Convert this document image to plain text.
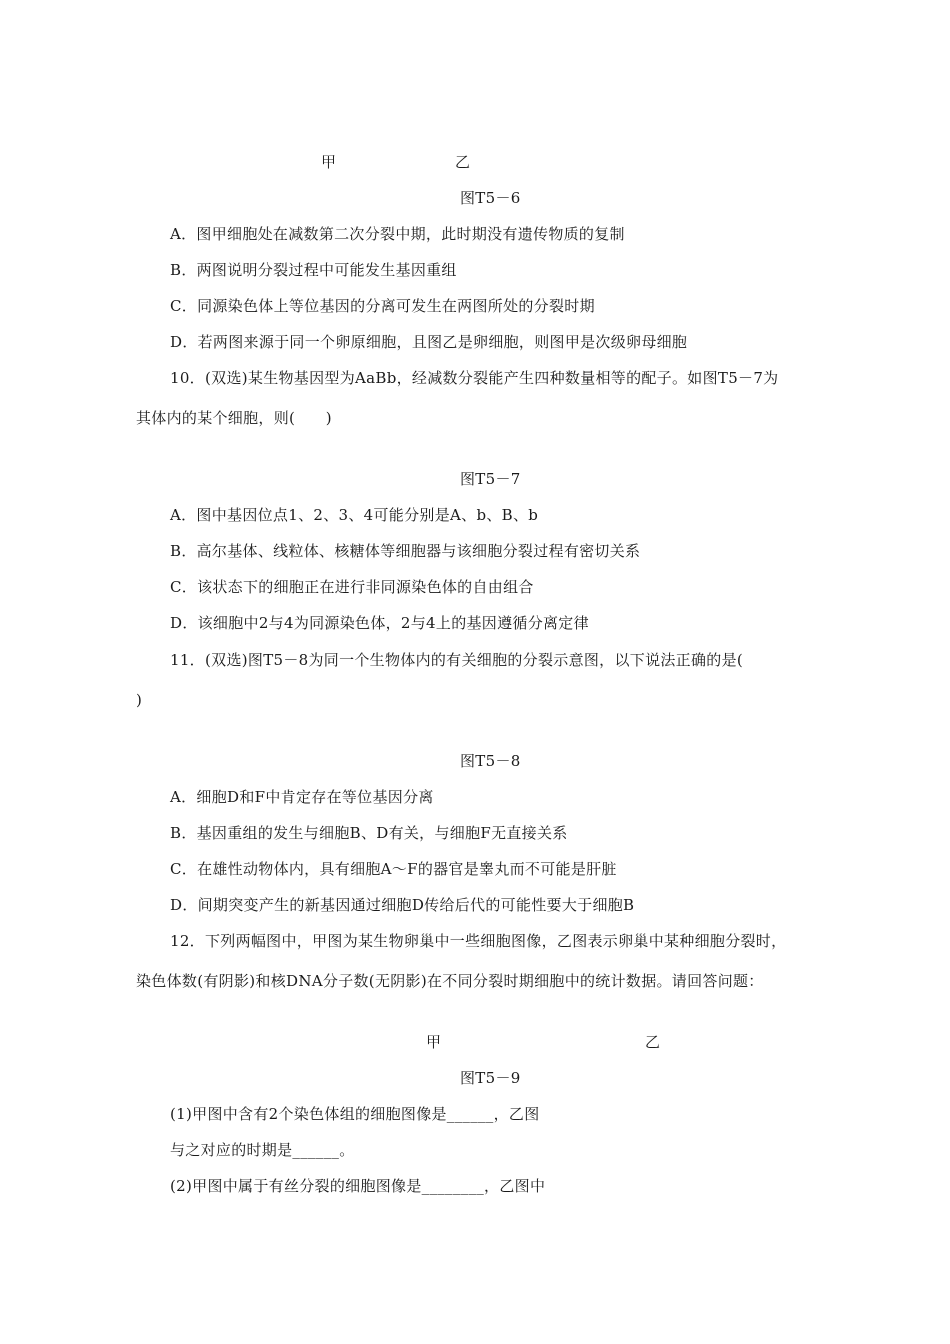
甲	乙
图T5－6
A．图甲细胞处在减数第二次分裂中期，此时期没有遗传物质的复制
B．两图说明分裂过程中可能发生基因重组
C．同源染色体上等位基因的分离可发生在两图所处的分裂时期
D．若两图来源于同一个卵原细胞，且图乙是卵细胞，则图甲是次级卵母细胞
10．(双选)某生物基因型为AaBb，经减数分裂能产生四种数量相等的配子。如图T5－7为
其体内的某个细胞，则(　　)
图T5－7
A．图中基因位点1、2、3、4可能分别是A、b、B、b
B．高尔基体、线粒体、核糖体等细胞器与该细胞分裂过程有密切关系
C．该状态下的细胞正在进行非同源染色体的自由组合
D．该细胞中2与4为同源染色体，2与4上的基因遵循分离定律
11．(双选)图T5－8为同一个生物体内的有关细胞的分裂示意图，以下说法正确的是(
)
图T5－8
A．细胞D和F中肯定存在等位基因分离
B．基因重组的发生与细胞B、D有关，与细胞F无直接关系
C．在雄性动物体内，具有细胞A～F的器官是睾丸而不可能是肝脏
D．间期突变产生的新基因通过细胞D传给后代的可能性要大于细胞B
12．下列两幅图中，甲图为某生物卵巢中一些细胞图像，乙图表示卵巢中某种细胞分裂时，
染色体数(有阴影)和核DNA分子数(无阴影)在不同分裂时期细胞中的统计数据。请回答问题：
甲	乙
图T5－9
(1)甲图中含有2个染色体组的细胞图像是______，乙图
与之对应的时期是______。
(2)甲图中属于有丝分裂的细胞图像是________，乙图中
